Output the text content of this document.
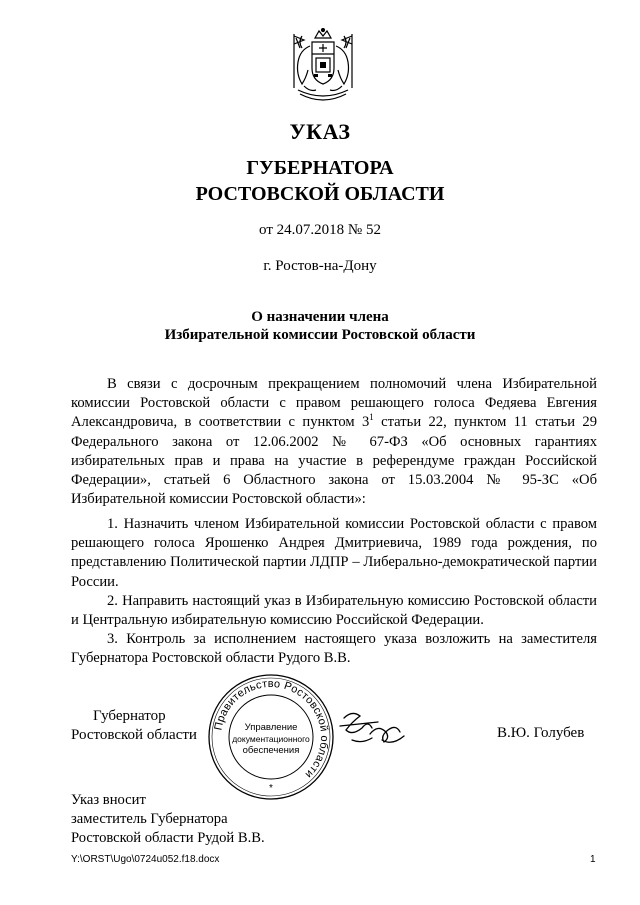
УКАЗ
ГУБЕРНАТОРА
РОСТОВСКОЙ ОБЛАСТИ
от 24.07.2018 № 52
г. Ростов-на-Дону
О назначении члена
Избирательной комиссии Ростовской области

В связи с досрочным прекращением полномочий члена Избирательной комиссии Ростовской области с правом решающего голоса Федяева Евгения Александровича, в соответствии с пунктом $3^1$ статьи 22, пунктом 11 статьи 29 Федерального закона от 12.06.2002 № 67-ФЗ «Об основных гарантиях избирательных прав и права на участие в референдуме граждан Российской Федерации», статьей 6 Областного закона от 15.03.2004 № 95-ЗС «Об Избирательной комиссии Ростовской области»:

1. Назначить членом Избирательной комиссии Ростовской области с правом решающего голоса Ярошенко Андрея Дмитриевича, 1989 года рождения, по представлению Политической партии ЛДПР – Либерально-демократической партии России.

2. Направить настоящий указ в Избирательную комиссию Ростовской области и Центральную избирательную комиссию Российской Федерации.

3. Контроль за исполнением настоящего указа возложить на заместителя Губернатора Ростовской области Рудого В.В.

Губернатор
Ростовской области
Правительство Ростовской области
Управление
документационного
обеспечения
*
В.Ю. Голубев
Указ вносит
заместитель Губернатора
Ростовской области Рудой В.В.
Y:\ORST\Ugo\0724u052.f18.docx	1
